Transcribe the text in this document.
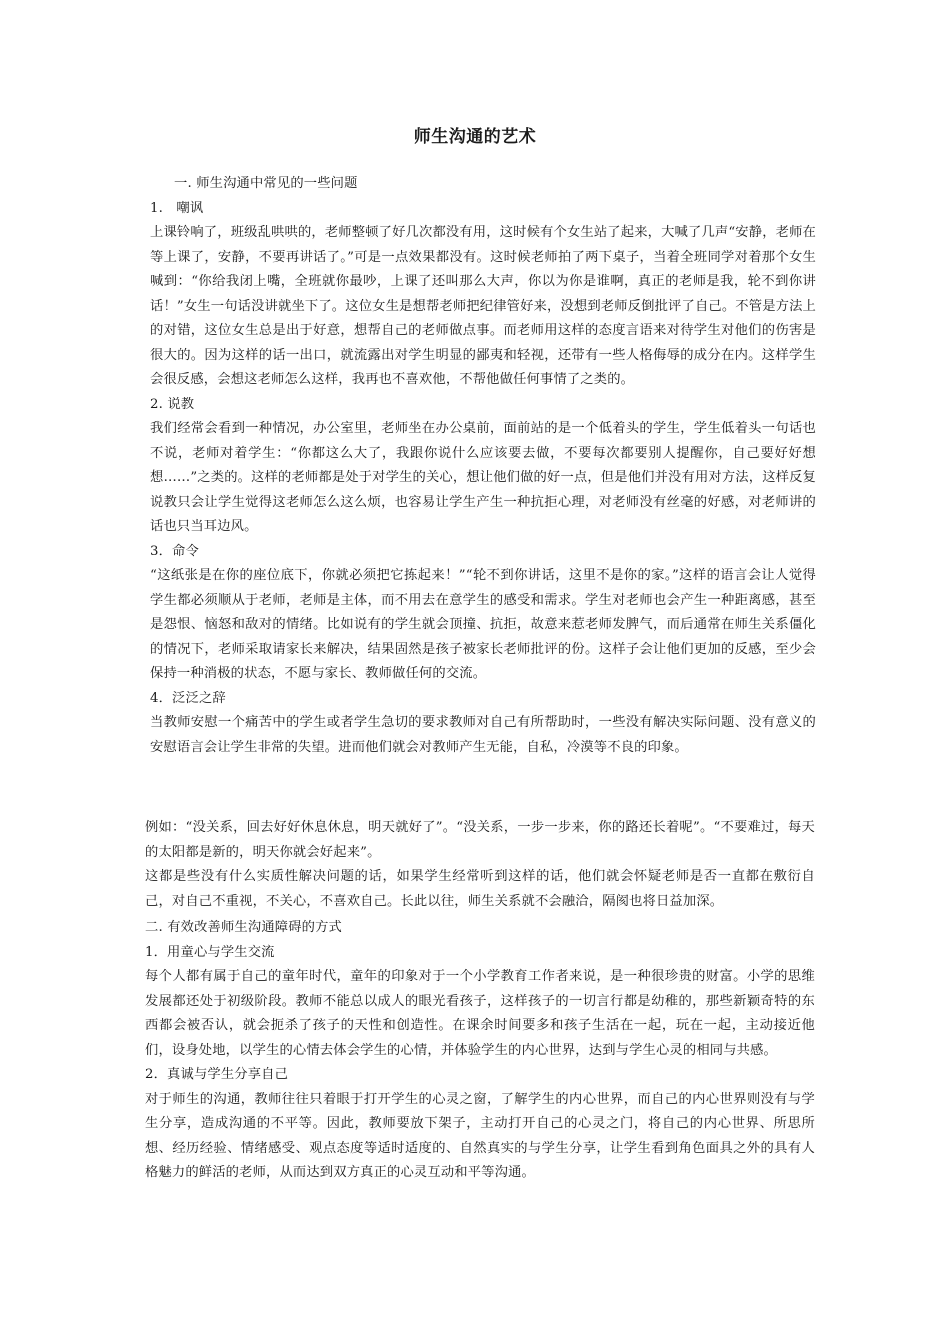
师生沟通的艺术

一. 师生沟通中常见的一些问题

1.　嘲讽

上课铃响了，班级乱哄哄的，老师整顿了好几次都没有用，这时候有个女生站了起来，大喊了几声“安静，老师在等上课了，安静，不要再讲话了。”可是一点效果都没有。这时候老师拍了两下桌子，当着全班同学对着那个女生喊到：“你给我闭上嘴，全班就你最吵，上课了还叫那么大声，你以为你是谁啊，真正的老师是我，轮不到你讲话！”女生一句话没讲就坐下了。这位女生是想帮老师把纪律管好来，没想到老师反倒批评了自己。不管是方法上的对错，这位女生总是出于好意，想帮自己的老师做点事。而老师用这样的态度言语来对待学生对他们的伤害是很大的。因为这样的话一出口，就流露出对学生明显的鄙夷和轻视，还带有一些人格侮辱的成分在内。这样学生会很反感，会想这老师怎么这样，我再也不喜欢他，不帮他做任何事情了之类的。

2. 说教

我们经常会看到一种情况，办公室里，老师坐在办公桌前，面前站的是一个低着头的学生，学生低着头一句话也不说，老师对着学生：“你都这么大了，我跟你说什么应该要去做，不要每次都要别人提醒你，自己要好好想想……”之类的。这样的老师都是处于对学生的关心，想让他们做的好一点，但是他们并没有用对方法，这样反复说教只会让学生觉得这老师怎么这么烦，也容易让学生产生一种抗拒心理，对老师没有丝毫的好感，对老师讲的话也只当耳边风。

3．命令

“这纸张是在你的座位底下，你就必须把它拣起来！”“轮不到你讲话，这里不是你的家。”这样的语言会让人觉得学生都必须顺从于老师，老师是主体，而不用去在意学生的感受和需求。学生对老师也会产生一种距离感，甚至是怨恨、恼怒和敌对的情绪。比如说有的学生就会顶撞、抗拒，故意来惹老师发脾气，而后通常在师生关系僵化的情况下，老师采取请家长来解决，结果固然是孩子被家长老师批评的份。这样子会让他们更加的反感，至少会保持一种消极的状态，不愿与家长、教师做任何的交流。

4．泛泛之辞

当教师安慰一个痛苦中的学生或者学生急切的要求教师对自己有所帮助时，一些没有解决实际问题、没有意义的安慰语言会让学生非常的失望。进而他们就会对教师产生无能，自私，冷漠等不良的印象。

例如：“没关系，回去好好休息休息，明天就好了”。“没关系，一步一步来，你的路还长着呢”。“不要难过，每天的太阳都是新的，明天你就会好起来”。

这都是些没有什么实质性解决问题的话，如果学生经常听到这样的话，他们就会怀疑老师是否一直都在敷衍自己，对自己不重视，不关心，不喜欢自己。长此以往，师生关系就不会融洽，隔阂也将日益加深。

二. 有效改善师生沟通障碍的方式

1．用童心与学生交流

每个人都有属于自己的童年时代，童年的印象对于一个小学教育工作者来说，是一种很珍贵的财富。小学的思维发展都还处于初级阶段。教师不能总以成人的眼光看孩子，这样孩子的一切言行都是幼稚的，那些新颖奇特的东西都会被否认，就会扼杀了孩子的天性和创造性。在课余时间要多和孩子生活在一起，玩在一起，主动接近他们，设身处地，以学生的心情去体会学生的心情，并体验学生的内心世界，达到与学生心灵的相同与共感。

2．真诚与学生分享自己

对于师生的沟通，教师往往只着眼于打开学生的心灵之窗，了解学生的内心世界，而自己的内心世界则没有与学生分享，造成沟通的不平等。因此，教师要放下架子，主动打开自己的心灵之门，将自己的内心世界、所思所想、经历经验、情绪感受、观点态度等适时适度的、自然真实的与学生分享，让学生看到角色面具之外的具有人格魅力的鲜活的老师，从而达到双方真正的心灵互动和平等沟通。
